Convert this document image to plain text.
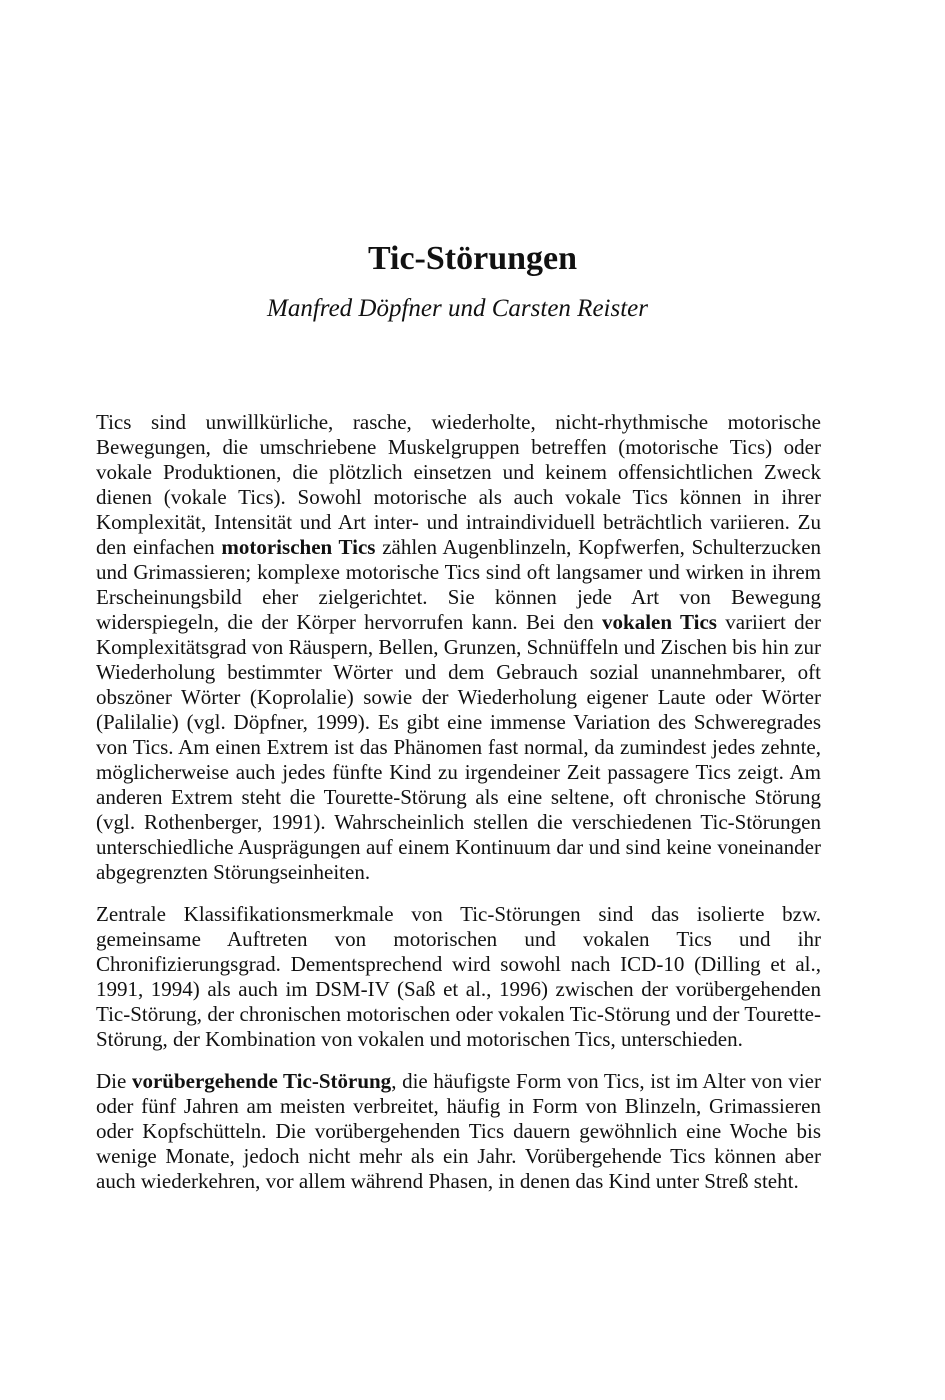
Tic-Störungen

Manfred Döpfner und Carsten Reister

Tics sind unwillkürliche, rasche, wiederholte, nicht-rhythmische motorische Bewegungen, die umschriebene Muskelgruppen betreffen (motorische Tics) oder vokale Produktionen, die plötzlich einsetzen und keinem offensichtlichen Zweck dienen (vokale Tics). Sowohl motorische als auch vokale Tics können in ihrer Komplexität, Intensität und Art inter- und intraindividuell beträchtlich variieren. Zu den einfachen motorischen Tics zählen Augenblinzeln, Kopfwerfen, Schulterzucken und Grimassieren; komplexe motorische Tics sind oft langsamer und wirken in ihrem Erscheinungsbild eher zielgerichtet. Sie können jede Art von Bewegung widerspiegeln, die der Körper hervorrufen kann. Bei den vokalen Tics variiert der Komplexitätsgrad von Räuspern, Bellen, Grunzen, Schnüffeln und Zischen bis hin zur Wiederholung bestimmter Wörter und dem Gebrauch sozial unannehmbarer, oft obszöner Wörter (Koprolalie) sowie der Wiederholung eigener Laute oder Wörter (Palilalie) (vgl. Döpfner, 1999). Es gibt eine immense Variation des Schweregrades von Tics. Am einen Extrem ist das Phänomen fast normal, da zumindest jedes zehnte, möglicherweise auch jedes fünfte Kind zu irgendeiner Zeit passagere Tics zeigt. Am anderen Extrem steht die Tourette-Störung als eine seltene, oft chronische Störung (vgl. Rothenberger, 1991). Wahrscheinlich stellen die verschiedenen Tic-Störungen unterschiedliche Ausprägungen auf einem Kontinuum dar und sind keine voneinander abgegrenzten Störungseinheiten.

Zentrale Klassifikationsmerkmale von Tic-Störungen sind das isolierte bzw. gemeinsame Auftreten von motorischen und vokalen Tics und ihr Chronifizierungsgrad. Dementsprechend wird sowohl nach ICD-10 (Dilling et al., 1991, 1994) als auch im DSM-IV (Saß et al., 1996) zwischen der vorübergehenden Tic-Störung, der chronischen motorischen oder vokalen Tic-Störung und der Tourette-Störung, der Kombination von vokalen und motorischen Tics, unterschieden.

Die vorübergehende Tic-Störung, die häufigste Form von Tics, ist im Alter von vier oder fünf Jahren am meisten verbreitet, häufig in Form von Blinzeln, Grimassieren oder Kopfschütteln. Die vorübergehenden Tics dauern gewöhnlich eine Woche bis wenige Monate, jedoch nicht mehr als ein Jahr. Vorübergehende Tics können aber auch wiederkehren, vor allem während Phasen, in denen das Kind unter Streß steht.
